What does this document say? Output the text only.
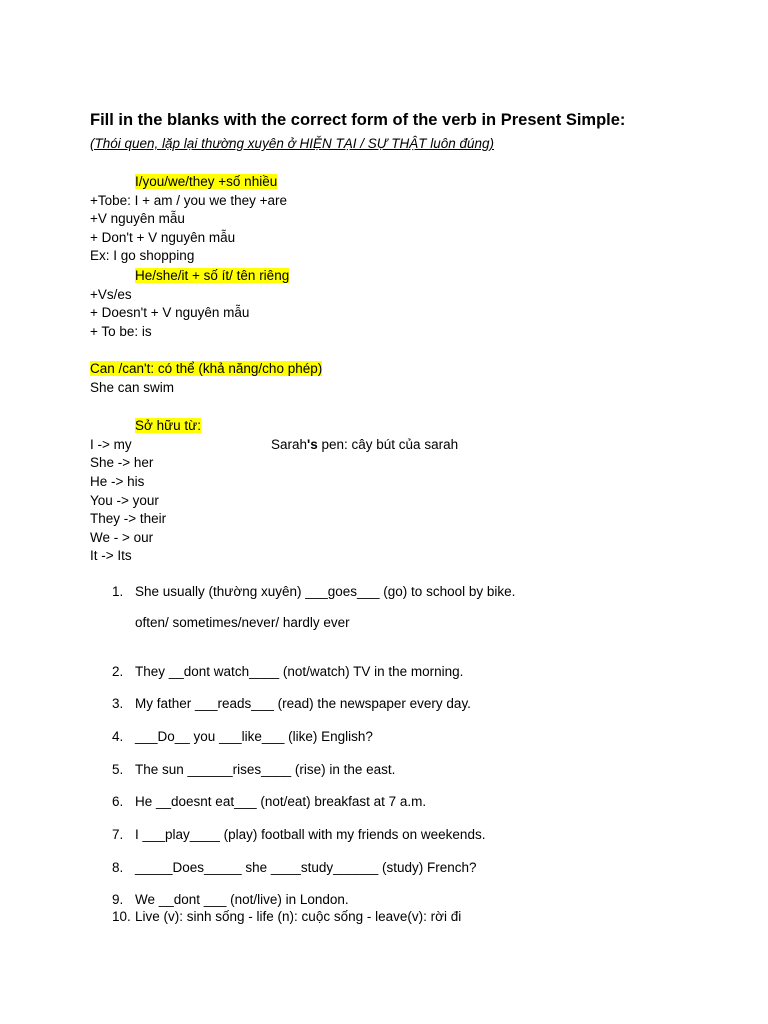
Fill in the blanks with the correct form of the verb in Present Simple:
(Thói quen, lặp lại thường xuyên ở HIỆN TẠI / SỰ THẬT luôn đúng)
I/you/we/they +số nhiều
+Tobe: I + am / you we they +are
+V nguyên mẫu
+ Don't + V nguyên mẫu
Ex: I go shopping
He/she/it + số ít/ tên riêng
+Vs/es
+ Doesn't + V nguyên mẫu
+ To be: is
Can /can't: có thể (khả năng/cho phép)
She can swim
Sở hữu từ:
I -> my	Sarah's pen: cây bút của sarah
She -> her
He -> his
You -> your
They -> their
We - > our
It -> Its
1. She usually (thường xuyên) ___goes___ (go) to school by bike.
often/ sometimes/never/ hardly ever
2. They __dont watch____ (not/watch) TV in the morning.
3. My father ___reads___ (read) the newspaper every day.
4. ___Do__ you ___like___ (like) English?
5. The sun ______rises____ (rise) in the east.
6. He __doesnt eat___ (not/eat) breakfast at 7 a.m.
7. I ___play____ (play) football with my friends on weekends.
8. _____Does_____ she ____study______ (study) French?
9. We __dont ___ (not/live) in London.
10. Live (v): sinh sống - life (n): cuộc sống - leave(v): rời đi
